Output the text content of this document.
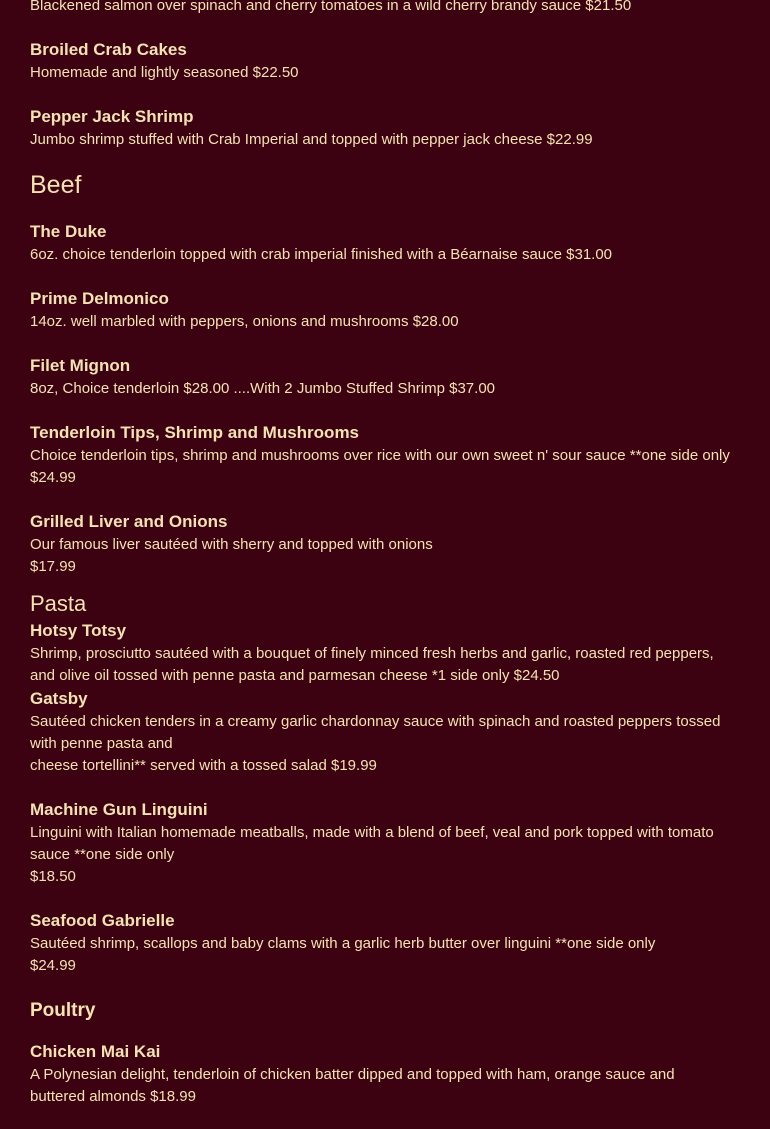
Blackened salmon over spinach and cherry tomatoes in a wild cherry brandy sauce $21.50

Broiled Crab Cakes

Homemade and lightly seasoned $22.50

Pepper Jack Shrimp

Jumbo shrimp stuffed with Crab Imperial and topped with pepper jack cheese $22.99

Beef

The Duke

6oz. choice tenderloin topped with crab imperial finished with a Béarnaise sauce $31.00

Prime Delmonico

14oz. well marbled with peppers, onions and mushrooms $28.00

Filet Mignon

8oz, Choice tenderloin $28.00 ....With 2 Jumbo Stuffed Shrimp $37.00

Tenderloin Tips, Shrimp and Mushrooms

Choice tenderloin tips, shrimp and mushrooms over rice with our own sweet n' sour sauce **one side only $24.99

Grilled Liver and Onions

Our famous liver sautéed with sherry and topped with onions

$17.99

Pasta

Hotsy Totsy

Shrimp, prosciutto sautéed with a bouquet of finely minced fresh herbs and garlic, roasted red peppers, and olive oil tossed with penne pasta and parmesan cheese *1 side only $24.50

Gatsby

Sautéed chicken tenders in a creamy garlic chardonnay sauce with spinach and roasted peppers tossed with penne pasta and

cheese tortellini** served with a tossed salad $19.99

Machine Gun Linguini

Linguini with Italian homemade meatballs, made with a blend of beef, veal and pork topped with tomato sauce **one side only

$18.50

Seafood Gabrielle

Sautéed shrimp, scallops and baby clams with a garlic herb butter over linguini **one side only

$24.99

Poultry

Chicken Mai Kai

A Polynesian delight, tenderloin of chicken batter dipped and topped with ham, orange sauce and buttered almonds $18.99
